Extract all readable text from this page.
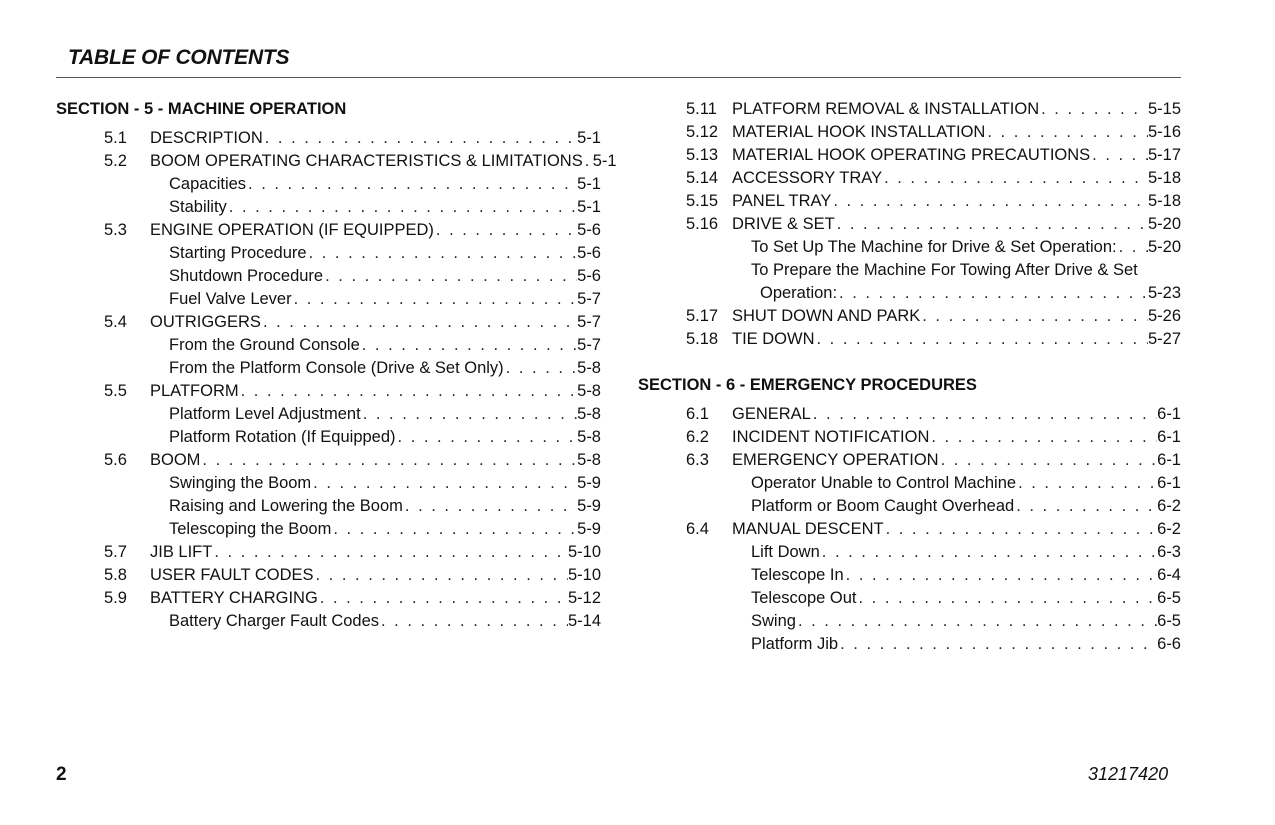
TABLE OF CONTENTS
SECTION - 5 - MACHINE OPERATION
5.1 DESCRIPTION . . .	5-1
5.2 BOOM OPERATING CHARACTERISTICS & LIMITATIONS . . . 5-1
Capacities . . .	5-1
Stability . . .	5-1
5.3 ENGINE OPERATION (IF EQUIPPED) . . .	5-6
Starting Procedure . . .	5-6
Shutdown Procedure . . .	5-6
Fuel Valve Lever . . .	5-7
5.4 OUTRIGGERS . . .	5-7
From the Ground Console . . .	5-7
From the Platform Console (Drive & Set Only) . . .	5-8
5.5 PLATFORM . . .	5-8
Platform Level Adjustment . . .	5-8
Platform Rotation (If Equipped) . . .	5-8
5.6 BOOM . . .	5-8
Swinging the Boom . . .	5-9
Raising and Lowering the Boom . . .	5-9
Telescoping the Boom . . .	5-9
5.7 JIB LIFT . . .	5-10
5.8 USER FAULT CODES . . .	5-10
5.9 BATTERY CHARGING . . .	5-12
Battery Charger Fault Codes . . .	5-14
5.11 PLATFORM REMOVAL & INSTALLATION . . .	5-15
5.12 MATERIAL HOOK INSTALLATION . . .	5-16
5.13 MATERIAL HOOK OPERATING PRECAUTIONS . . .	5-17
5.14 ACCESSORY TRAY . . .	5-18
5.15 PANEL TRAY . . .	5-18
5.16 DRIVE & SET . . .	5-20
To Set Up The Machine for Drive & Set Operation: . . . 5-20
To Prepare the Machine For Towing After Drive & Set
Operation: . . .	5-23
5.17 SHUT DOWN AND PARK . . .	5-26
5.18 TIE DOWN . . .	5-27
SECTION - 6 - EMERGENCY PROCEDURES
6.1 GENERAL . . .	6-1
6.2 INCIDENT NOTIFICATION . . .	6-1
6.3 EMERGENCY OPERATION . . .	6-1
Operator Unable to Control Machine . . .	6-1
Platform or Boom Caught Overhead . . .	6-2
6.4 MANUAL DESCENT . . .	6-2
Lift Down . . .	6-3
Telescope In . . .	6-4
Telescope Out . . .	6-5
Swing . . .	6-5
Platform Jib . . .	6-6
2	31217420
